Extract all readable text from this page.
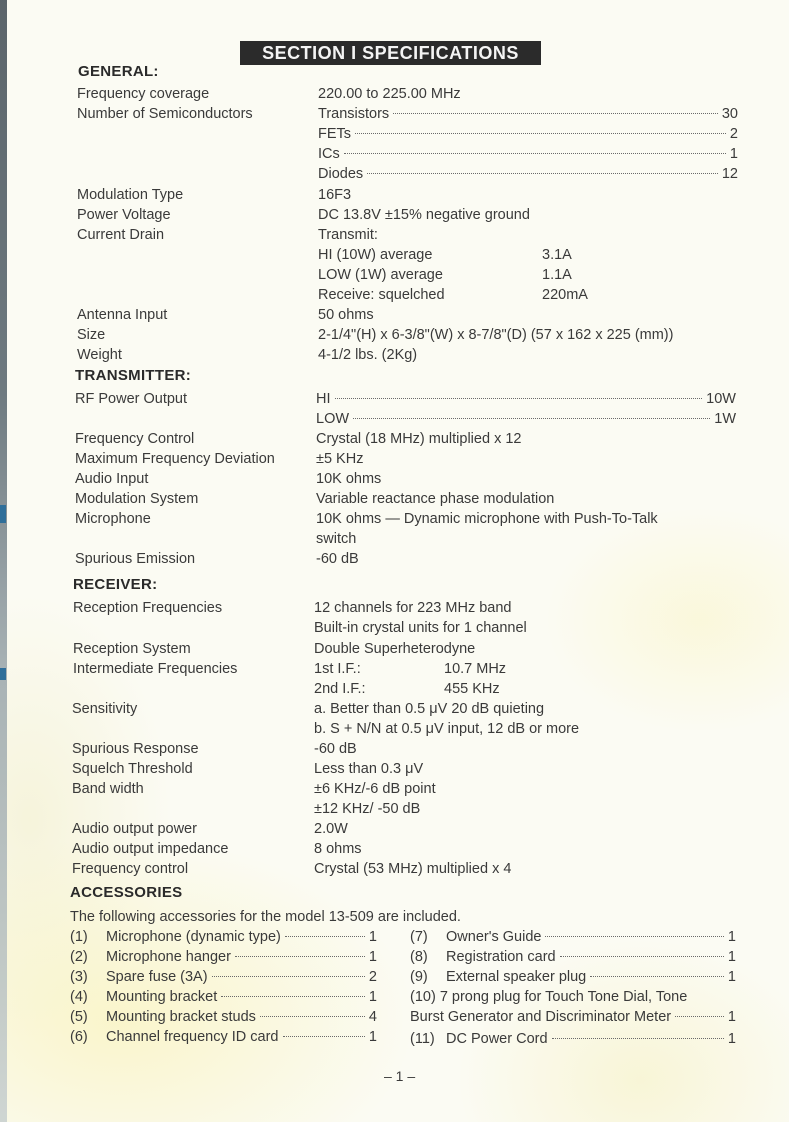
SECTION I SPECIFICATIONS
GENERAL:
Frequency coverage	220.00 to 225.00 MHz
Number of Semiconductors	Transistors	30
FETs	2
ICs	1
Diodes	12
Modulation Type	16F3
Power Voltage	DC 13.8V ±15% negative ground
Current Drain	Transmit:
HI (10W) average	3.1A
LOW (1W) average	1.1A
Receive: squelched	220mA
Antenna Input	50 ohms
Size	2-1/4"(H) x 6-3/8"(W) x 8-7/8"(D) (57 x 162 x 225 (mm))
Weight	4-1/2 lbs. (2Kg)
TRANSMITTER:
RF Power Output	HI	10W
LOW	1W
Frequency Control	Crystal (18 MHz) multiplied x 12
Maximum Frequency Deviation	±5 KHz
Audio Input	10K ohms
Modulation System	Variable reactance phase modulation
Microphone	10K ohms — Dynamic microphone with Push-To-Talk
switch
Spurious Emission	-60 dB
RECEIVER:
Reception Frequencies	12 channels for 223 MHz band
Built-in crystal units for 1 channel
Reception System	Double Superheterodyne
Intermediate Frequencies	1st I.F.:	10.7 MHz
2nd I.F.:	455 KHz
Sensitivity	a. Better than 0.5 μV 20 dB quieting
b. S + N/N at 0.5 μV input, 12 dB or more
Spurious Response	-60 dB
Squelch Threshold	Less than 0.3 μV
Band width	±6 KHz/-6 dB point
±12 KHz/ -50 dB
Audio output power	2.0W
Audio output impedance	8 ohms
Frequency control	Crystal (53 MHz) multiplied x 4
ACCESSORIES
The following accessories for the model 13-509 are included.
(1)	Microphone (dynamic type)	1
(2)	Microphone hanger	1
(3)	Spare fuse (3A)	2
(4)	Mounting bracket	1
(5)	Mounting bracket studs	4
(6)	Channel frequency ID card	1
(7)	Owner's Guide	1
(8)	Registration card	1
(9)	External speaker plug	1
(10) 7 prong plug for Touch Tone Dial, Tone
Burst Generator and Discriminator Meter	1
(11) DC Power Cord	1
– 1 –
